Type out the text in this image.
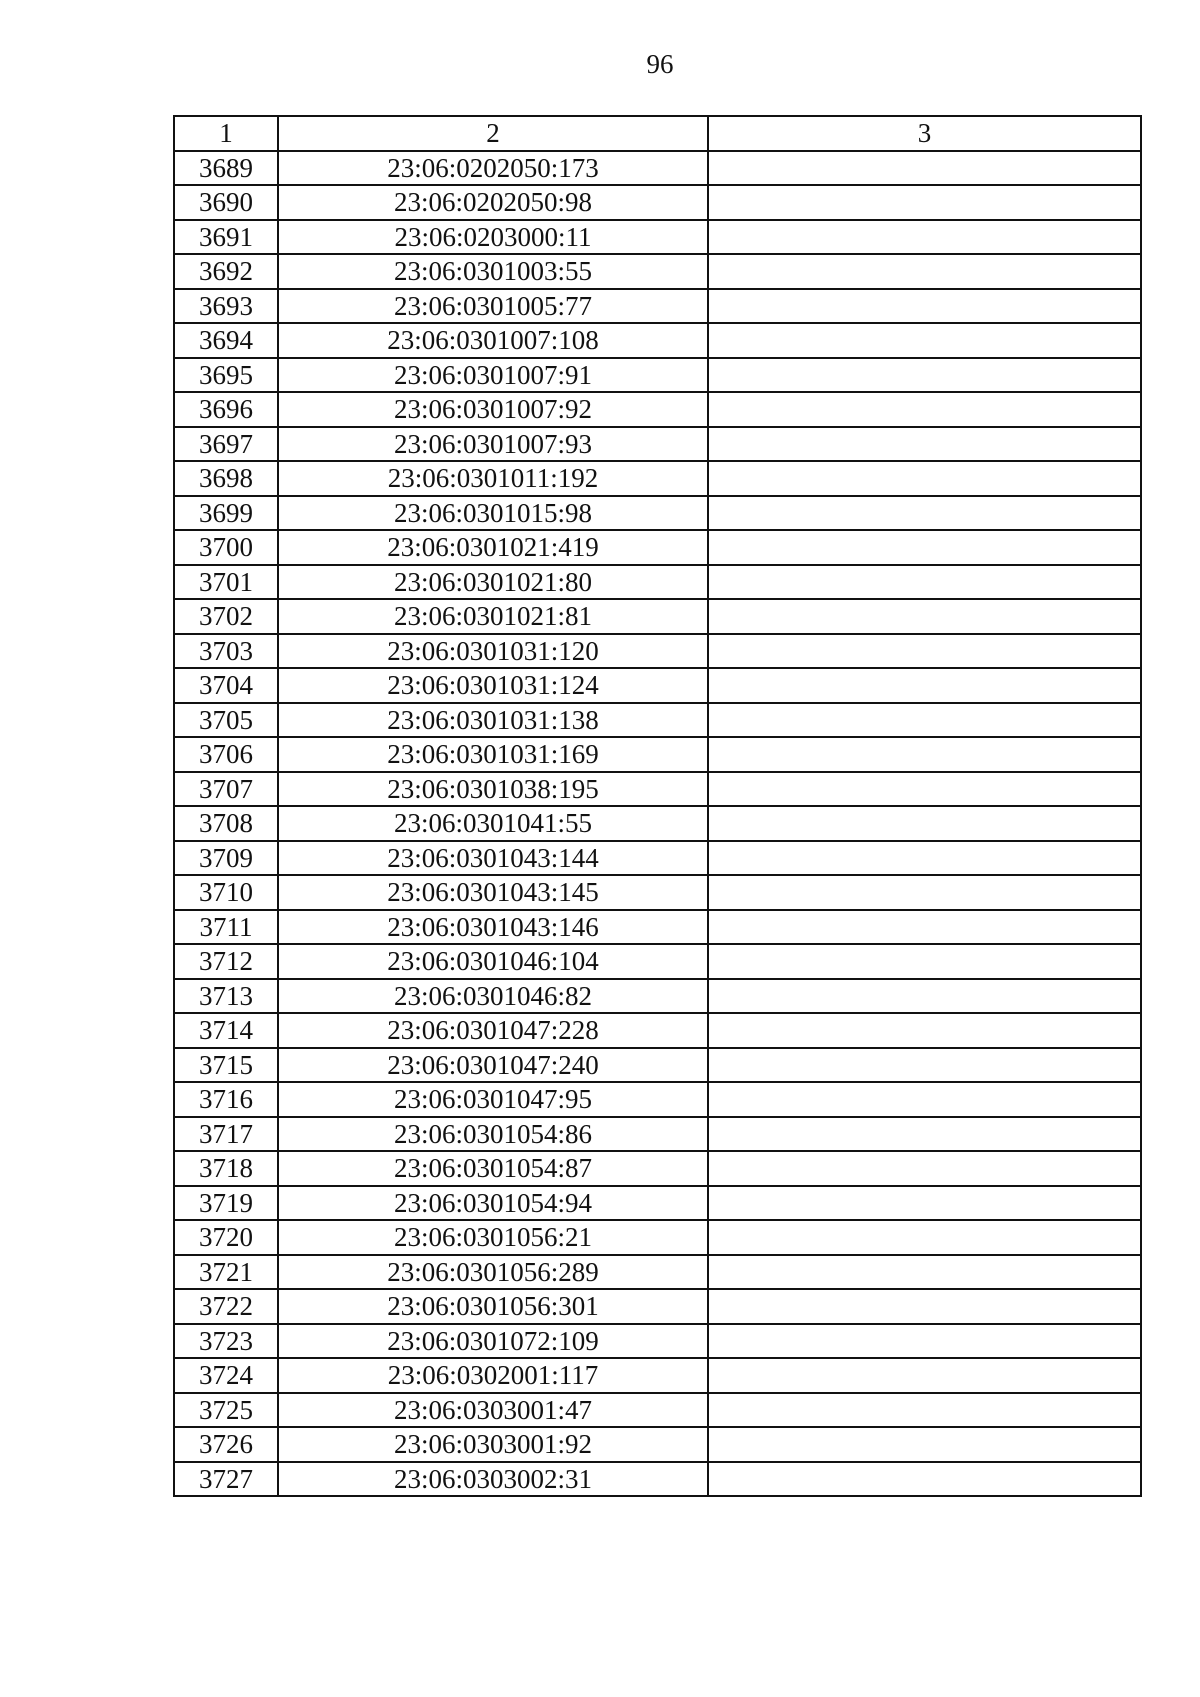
96
1	2	3
3689	23:06:0202050:173	
3690	23:06:0202050:98	
3691	23:06:0203000:11	
3692	23:06:0301003:55	
3693	23:06:0301005:77	
3694	23:06:0301007:108	
3695	23:06:0301007:91	
3696	23:06:0301007:92	
3697	23:06:0301007:93	
3698	23:06:0301011:192	
3699	23:06:0301015:98	
3700	23:06:0301021:419	
3701	23:06:0301021:80	
3702	23:06:0301021:81	
3703	23:06:0301031:120	
3704	23:06:0301031:124	
3705	23:06:0301031:138	
3706	23:06:0301031:169	
3707	23:06:0301038:195	
3708	23:06:0301041:55	
3709	23:06:0301043:144	
3710	23:06:0301043:145	
3711	23:06:0301043:146	
3712	23:06:0301046:104	
3713	23:06:0301046:82	
3714	23:06:0301047:228	
3715	23:06:0301047:240	
3716	23:06:0301047:95	
3717	23:06:0301054:86	
3718	23:06:0301054:87	
3719	23:06:0301054:94	
3720	23:06:0301056:21	
3721	23:06:0301056:289	
3722	23:06:0301056:301	
3723	23:06:0301072:109	
3724	23:06:0302001:117	
3725	23:06:0303001:47	
3726	23:06:0303001:92	
3727	23:06:0303002:31	
